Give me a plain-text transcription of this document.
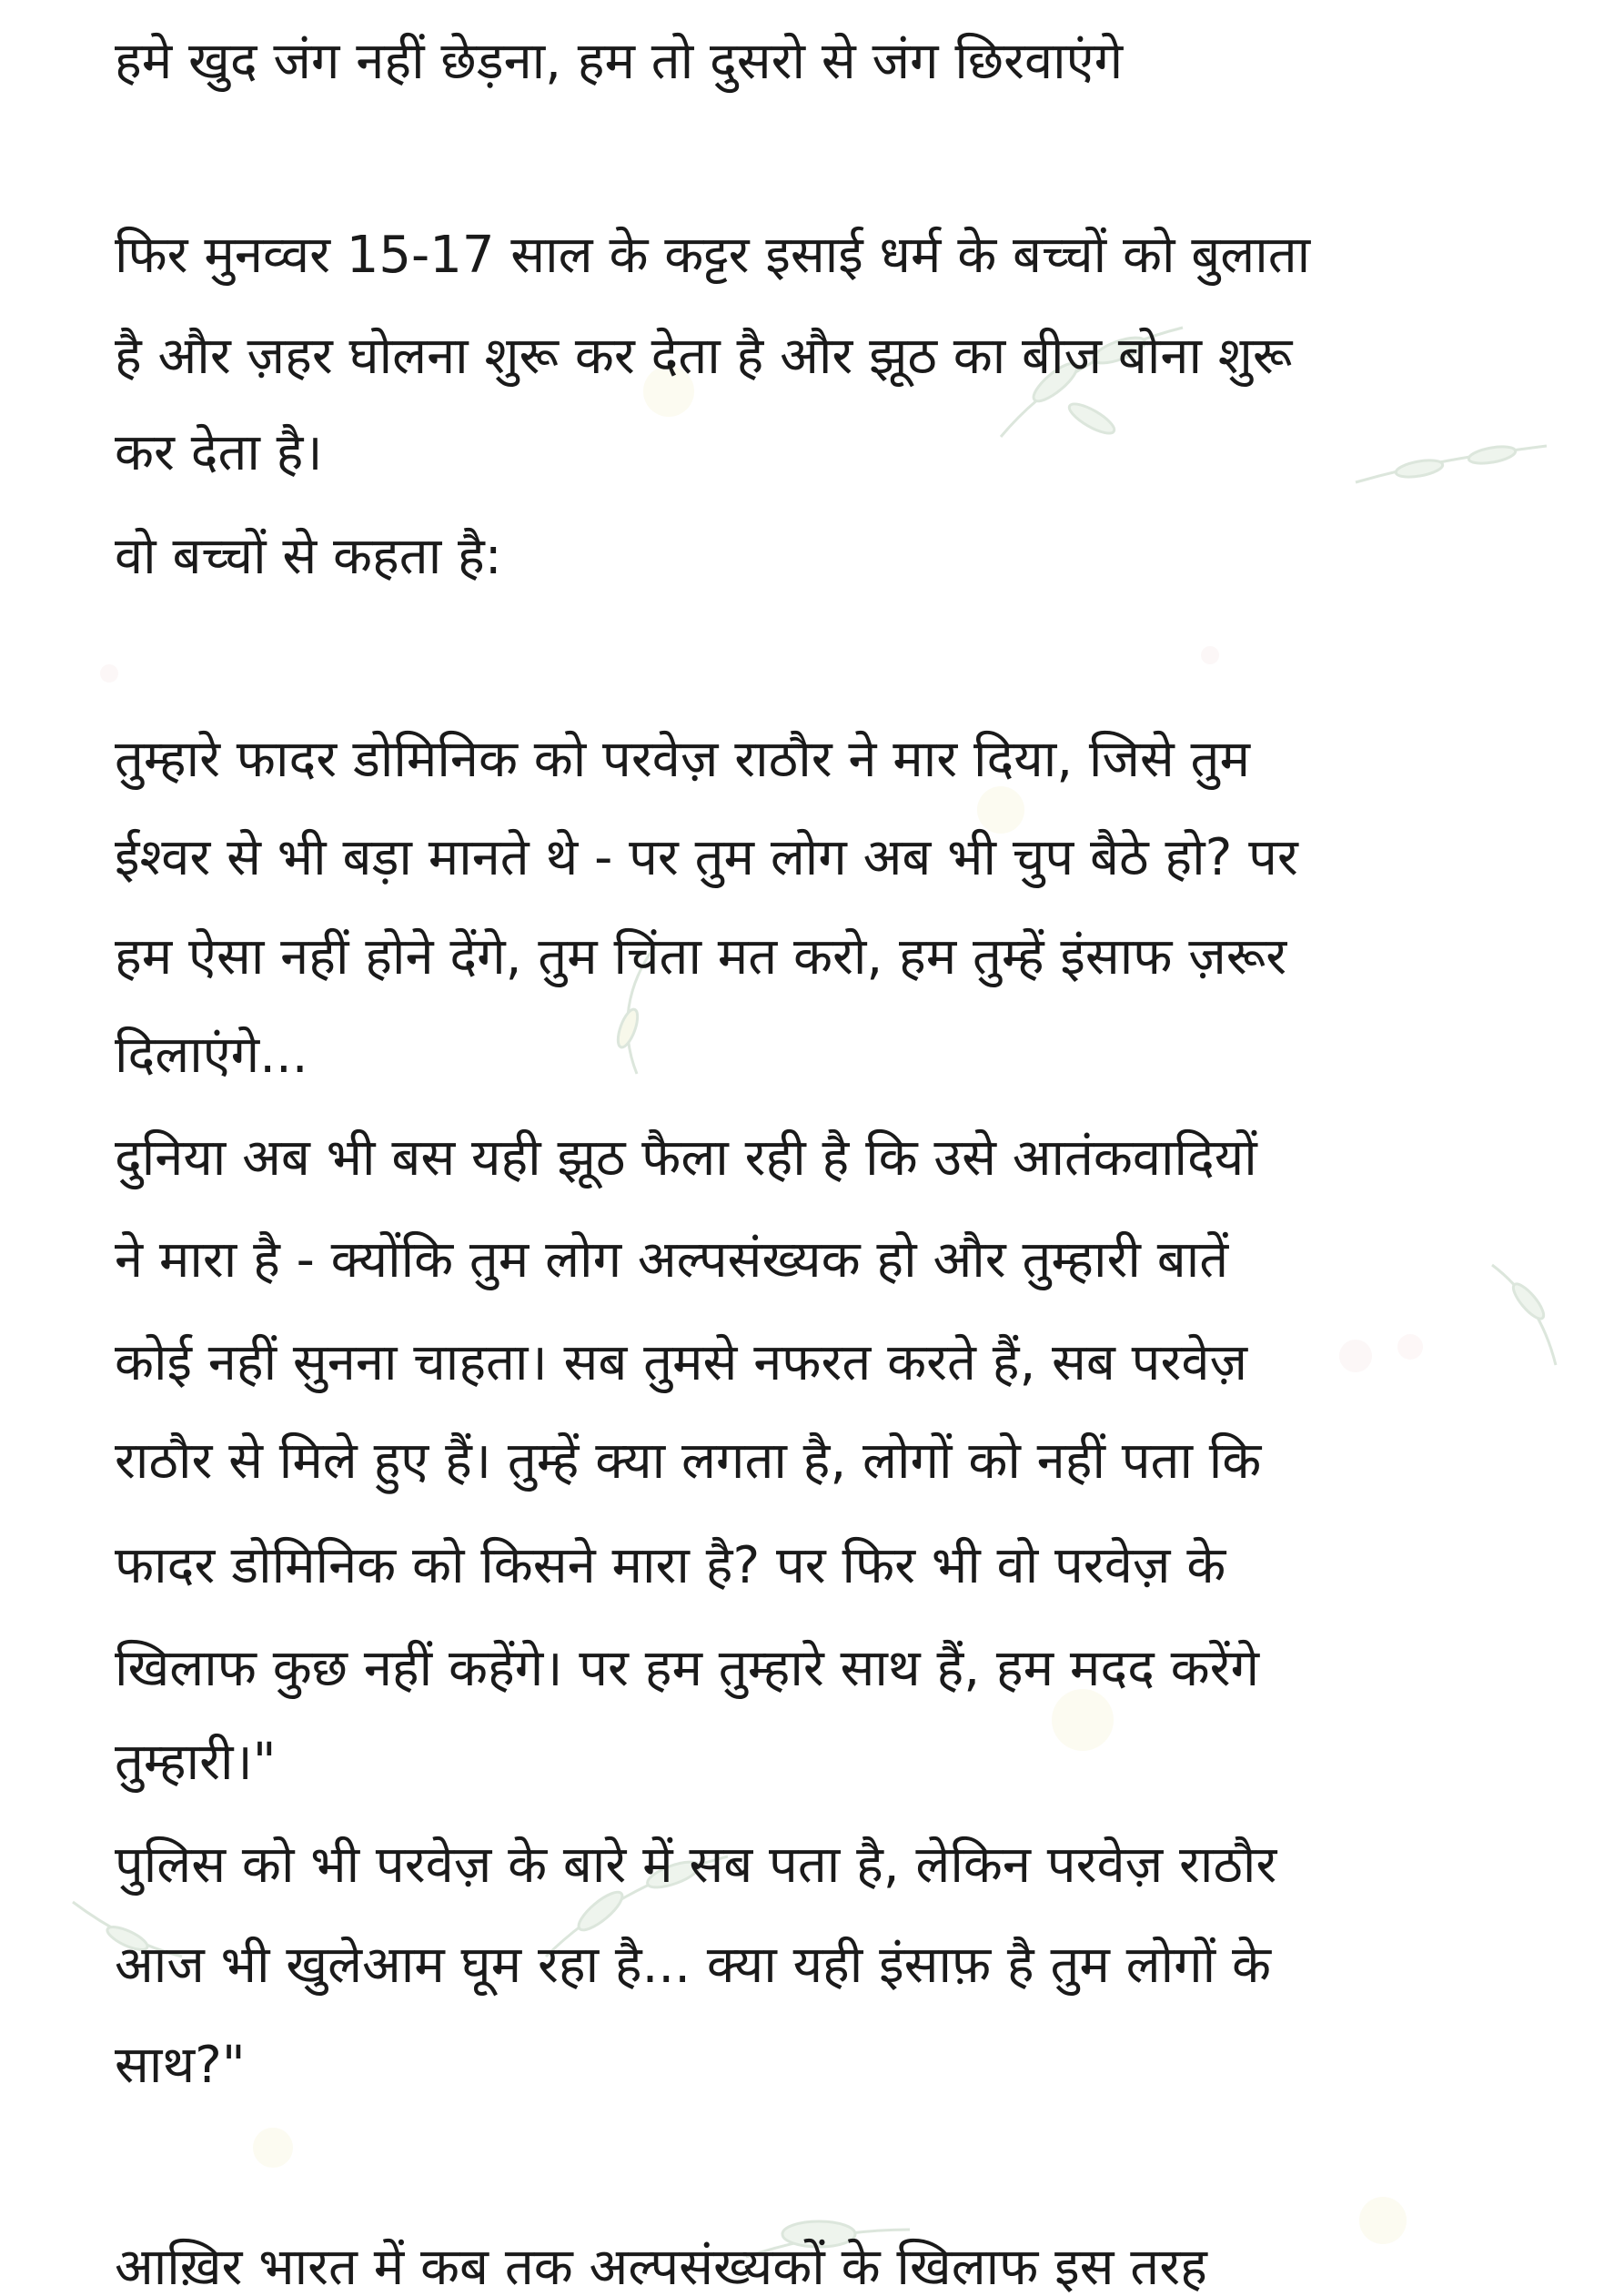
हमे खुद जंग नहीं छेड़ना, हम तो दुसरो से जंग छिरवाएंगे
फिर मुनव्वर 15-17 साल के कट्टर इसाई धर्म के बच्चों को बुलाता
है और ज़हर घोलना शुरू कर देता है और झूठ का बीज बोना शुरू
कर देता है।
वो बच्चों से कहता है:
तुम्हारे फादर डोमिनिक को परवेज़ राठौर ने मार दिया, जिसे तुम
ईश्वर से भी बड़ा मानते थे - पर तुम लोग अब भी चुप बैठे हो? पर
हम ऐसा नहीं होने देंगे, तुम चिंता मत करो, हम तुम्हें इंसाफ ज़रूर
दिलाएंगे...
दुनिया अब भी बस यही झूठ फैला रही है कि उसे आतंकवादियों
ने मारा है - क्योंकि तुम लोग अल्पसंख्यक हो और तुम्हारी बातें
कोई नहीं सुनना चाहता। सब तुमसे नफरत करते हैं, सब परवेज़
राठौर से मिले हुए हैं। तुम्हें क्या लगता है, लोगों को नहीं पता कि
फादर डोमिनिक को किसने मारा है? पर फिर भी वो परवेज़ के
खिलाफ कुछ नहीं कहेंगे। पर हम तुम्हारे साथ हैं, हम मदद करेंगे
तुम्हारी।"
पुलिस को भी परवेज़ के बारे में सब पता है, लेकिन परवेज़ राठौर
आज भी खुलेआम घूम रहा है... क्या यही इंसाफ़ है तुम लोगों के
साथ?"
आख़िर भारत में कब तक अल्पसंख्यकों के खिलाफ इस तरह
